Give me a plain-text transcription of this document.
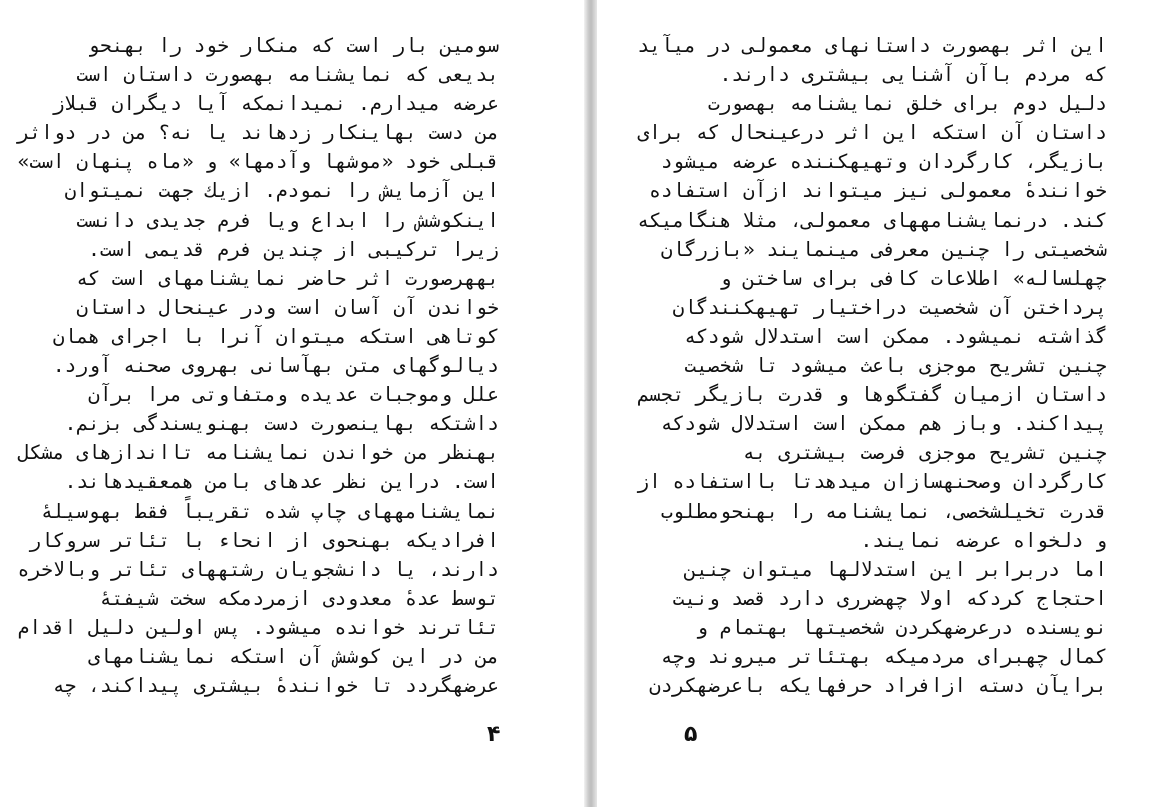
سومین بار است که منکار خود را بهنحو
بدیعی که نمایشنامه بهصورت داستان است
عرضه میدارم. نمیدانمکه آیا دیگران قبلاز
من دست بهاینکار زدهاند یا نه؟ من در دواثر
قبلی خود «موشها وآدمها» و «ماه پنهان است»
این آزمایش را نمودم. ازیك جهت نمیتوان
اینکوشش را ابداع ویا فرم جدیدی دانست
زیرا ترکیبی از چندین فرم قدیمی است.
بههرصورت اثر حاضر نمایشنامهای است که
خواندن آن آسان است ودر عینحال داستان
کوتاهی استکه میتوان آنرا با اجرای همان
دیالوگهای متن بهآسانی بهروی صحنه آورد.
علل وموجبات عدیده ومتفاوتی مرا برآن
داشتکه بهاینصورت دست بهنویسندگی بزنم.
بهنظر من خواندن نمایشنامه تااندازهای مشکل
است. دراین نظر عدهای بامن همعقیدهاند.
نمایشنامههای چاپ شده تقریباً فقط بهوسیلهٔ
افرادیکه بهنحوی از انحاء با تئاتر سروکار
دارند، یا دانشجویان رشتههای تئاتر وبالاخره
توسط عدهٔ معدودی ازمردمکه سخت شیفتهٔ
تئاترند خوانده میشود. پس اولین دلیل اقدام
من در این کوشش آن استکه نمایشنامهای
عرضهگردد تا خوانندهٔ بیشتری پیداکند، چه
این اثر بهصورت داستانهای معمولی در میآید
که مردم باآن آشنایی بیشتری دارند.
دلیل دوم برای خلق نمایشنامه بهصورت
داستان آن استکه این اثر درعینحال که برای
بازیگر، کارگردان وتهیهکننده عرضه میشود
خوانندهٔ معمولی نیز میتواند ازآن استفاده
کند. درنمایشنامههای معمولی، مثلا هنگامیکه
شخصیتی را چنین معرفی مینمایند «بازرگان
چهلساله» اطلاعات کافی برای ساختن و
پرداختن آن شخصیت دراختیار تهیهکنندگان
گذاشته نمیشود. ممکن است استدلال شودکه
چنین تشریح موجزی باعث میشود تا شخصیت
داستان ازمیان گفتگوها و قدرت بازیگر تجسم
پیداکند. وباز هم ممکن است استدلال شودکه
چنین تشریح موجزی فرصت بیشتری به
کارگردان وصحنهسازان میدهدتا بااستفاده از
قدرت تخیلشخصی، نمایشنامه را بهنحومطلوب
و دلخواه عرضه نمایند.
اما دربرابر این استدلالها میتوان چنین
احتجاج کردکه اولا چهضرری دارد قصد ونیت
نویسنده درعرضهکردن شخصیتها بهتمام و
کمال چهبرای مردمیکه بهتئاتر میروند وچه
برایآن دسته ازافراد حرفهایکه باعرضهکردن
۴	۵
